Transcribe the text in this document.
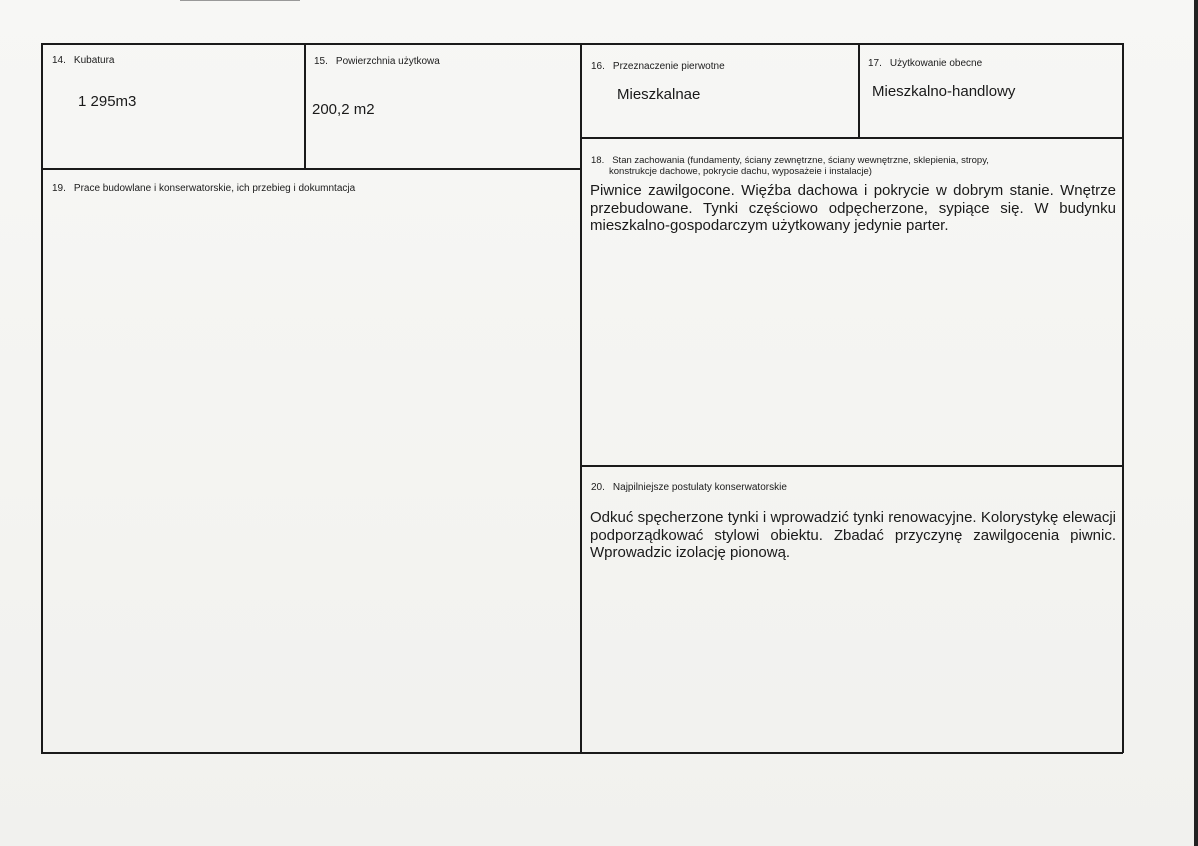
14. Kubatura
1 295m3
15. Powierzchnia użytkowa
200,2 m2
16. Przeznaczenie pierwotne
Mieszkalnae
17. Użytkowanie obecne
Mieszkalno-handlowy
18. Stan zachowania (fundamenty, ściany zewnętrzne, ściany wewnętrzne, sklepienia, stropy,
konstrukcje dachowe, pokrycie dachu, wyposażeie i instalacje)
Piwnice zawilgocone. Więźba dachowa i pokrycie w dobrym stanie. Wnętrze przebudowane. Tynki częściowo odpęcherzone, sypiące się. W budynku mieszkalno-gospodarczym użytkowany jedynie parter.
19. Prace budowlane i konserwatorskie, ich przebieg i dokumntacja
20. Najpilniejsze postulaty konserwatorskie
Odkuć spęcherzone tynki i wprowadzić tynki renowacyjne. Kolorystykę elewacji podporządkować stylowi obiektu. Zbadać przyczynę zawilgocenia piwnic. Wprowadzic izolację pionową.
